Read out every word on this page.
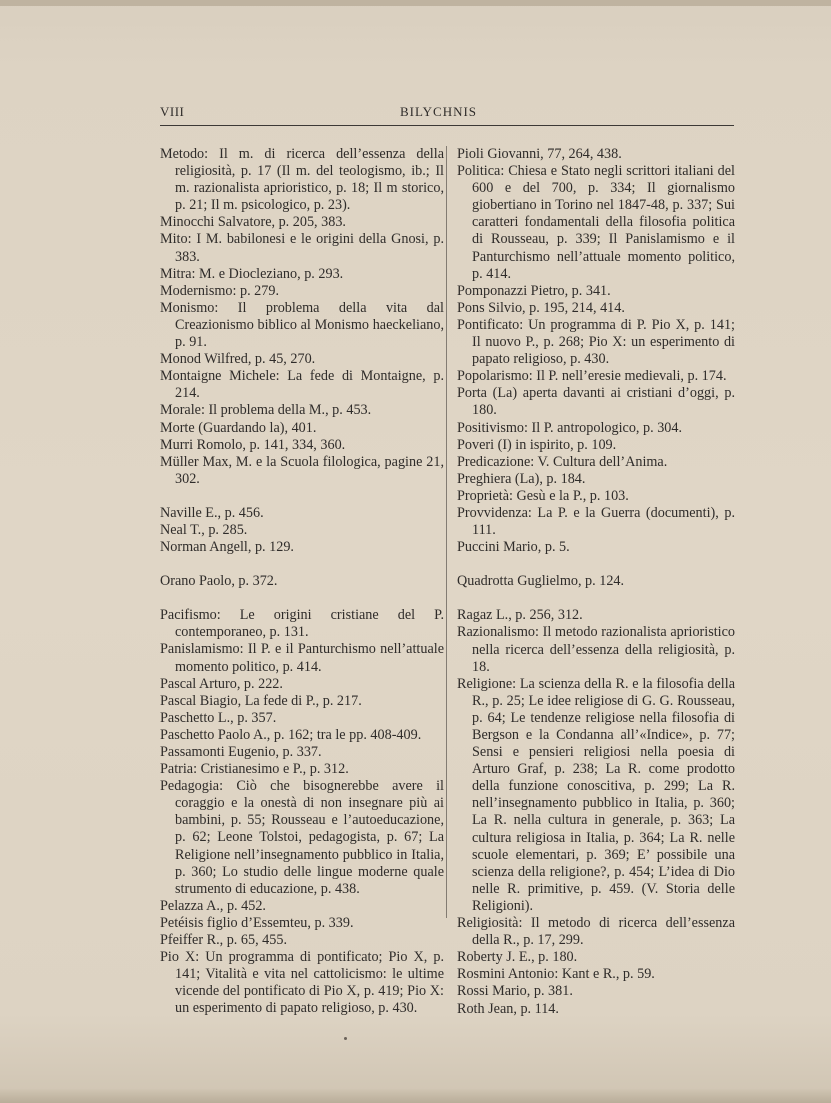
VIII	BILYCHNIS
Metodo: Il m. di ricerca dell’essenza della religiosità, p. 17 (Il m. del teologismo, ib.; Il m. razionalista aprioristico, p. 18; Il m storico, p. 21; Il m. psicologico, p. 23).
Minocchi Salvatore, p. 205, 383.
Mito: I M. babilonesi e le origini della Gnosi, p. 383.
Mitra: M. e Diocleziano, p. 293.
Modernismo: p. 279.
Monismo: Il problema della vita dal Creazionismo biblico al Monismo haeckeliano, p. 91.
Monod Wilfred, p. 45, 270.
Montaigne Michele: La fede di Montaigne, p. 214.
Morale: Il problema della M., p. 453.
Morte (Guardando la), 401.
Murri Romolo, p. 141, 334, 360.
Müller Max, M. e la Scuola filologica, pagine 21, 302.
Naville E., p. 456.
Neal T., p. 285.
Norman Angell, p. 129.
Orano Paolo, p. 372.
Pacifismo: Le origini cristiane del P. contemporaneo, p. 131.
Panislamismo: Il P. e il Panturchismo nell’attuale momento politico, p. 414.
Pascal Arturo, p. 222.
Pascal Biagio, La fede di P., p. 217.
Paschetto L., p. 357.
Paschetto Paolo A., p. 162; tra le pp. 408-409.
Passamonti Eugenio, p. 337.
Patria: Cristianesimo e P., p. 312.
Pedagogia: Ciò che bisognerebbe avere il coraggio e la onestà di non insegnare più ai bambini, p. 55; Rousseau e l’autoeducazione, p. 62; Leone Tolstoi, pedagogista, p. 67; La Religione nell’insegnamento pubblico in Italia, p. 360; Lo studio delle lingue moderne quale strumento di educazione, p. 438.
Pelazza A., p. 452.
Petéisis figlio d’Essemteu, p. 339.
Pfeiffer R., p. 65, 455.
Pio X: Un programma di pontificato; Pio X, p. 141; Vitalità e vita nel cattolicismo: le ultime vicende del pontificato di Pio X, p. 419; Pio X: un esperimento di papato religioso, p. 430.
Pioli Giovanni, 77, 264, 438.
Politica: Chiesa e Stato negli scrittori italiani del 600 e del 700, p. 334; Il giornalismo giobertiano in Torino nel 1847-48, p. 337; Sui caratteri fondamentali della filosofia politica di Rousseau, p. 339; Il Panislamismo e il Panturchismo nell’attuale momento politico, p. 414.
Pomponazzi Pietro, p. 341.
Pons Silvio, p. 195, 214, 414.
Pontificato: Un programma di P. Pio X, p. 141; Il nuovo P., p. 268; Pio X: un esperimento di papato religioso, p. 430.
Popolarismo: Il P. nell’eresie medievali, p. 174.
Porta (La) aperta davanti ai cristiani d’oggi, p. 180.
Positivismo: Il P. antropologico, p. 304.
Poveri (I) in ispirito, p. 109.
Predicazione: V. Cultura dell’Anima.
Preghiera (La), p. 184.
Proprietà: Gesù e la P., p. 103.
Provvidenza: La P. e la Guerra (documenti), p. 111.
Puccini Mario, p. 5.
Quadrotta Guglielmo, p. 124.
Ragaz L., p. 256, 312.
Razionalismo: Il metodo razionalista aprioristico nella ricerca dell’essenza della religiosità, p. 18.
Religione: La scienza della R. e la filosofia della R., p. 25; Le idee religiose di G. G. Rousseau, p. 64; Le tendenze religiose nella filosofia di Bergson e la Condanna all’«Indice», p. 77; Sensi e pensieri religiosi nella poesia di Arturo Graf, p. 238; La R. come prodotto della funzione conoscitiva, p. 299; La R. nell’insegnamento pubblico in Italia, p. 360; La R. nella cultura in generale, p. 363; La cultura religiosa in Italia, p. 364; La R. nelle scuole elementari, p. 369; E’ possibile una scienza della religione?, p. 454; L’idea di Dio nelle R. primitive, p. 459. (V. Storia delle Religioni).
Religiosità: Il metodo di ricerca dell’essenza della R., p. 17, 299.
Roberty J. E., p. 180.
Rosmini Antonio: Kant e R., p. 59.
Rossi Mario, p. 381.
Roth Jean, p. 114.
